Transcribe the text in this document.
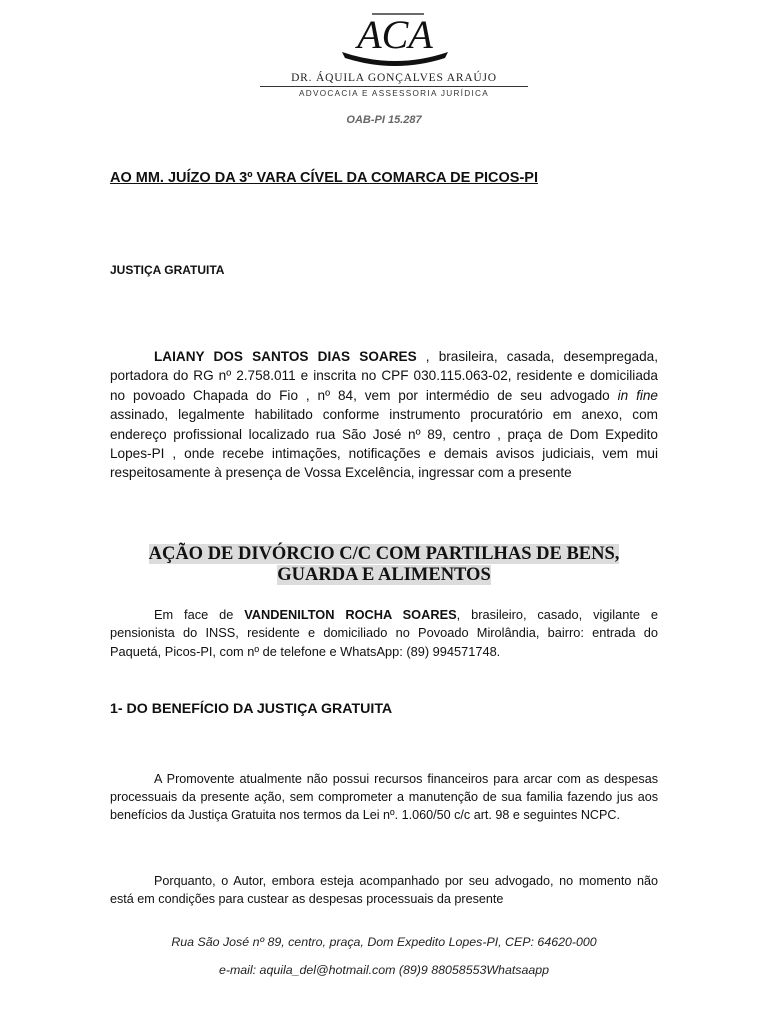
ACA
DR. ÁQUILA GONÇALVES ARAÚJO
ADVOCACIA E ASSESSORIA JURÍDICA
OAB-PI 15.287
AO MM. JUÍZO DA 3º VARA CÍVEL DA COMARCA DE PICOS-PI
JUSTIÇA GRATUITA
LAIANY DOS SANTOS DIAS SOARES , brasileira, casada, desempregada, portadora do RG nº 2.758.011 e inscrita no CPF 030.115.063-02, residente e domiciliada no povoado Chapada do Fio , nº 84, vem por intermédio de seu advogado in fine assinado, legalmente habilitado conforme instrumento procuratório em anexo, com endereço profissional localizado rua São José nº 89, centro , praça de Dom Expedito Lopes-PI , onde recebe intimações, notificações e demais avisos judiciais, vem mui respeitosamente à presença de Vossa Excelência, ingressar com a presente
AÇÃO DE DIVÓRCIO C/C COM PARTILHAS DE BENS,
GUARDA E ALIMENTOS
Em face de VANDENILTON ROCHA SOARES, brasileiro, casado, vigilante e pensionista do INSS, residente e domiciliado no Povoado Mirolândia, bairro: entrada do Paquetá, Picos-PI, com nº de telefone e WhatsApp: (89) 994571748.
1- DO BENEFÍCIO DA JUSTIÇA GRATUITA
A Promovente atualmente não possui recursos financeiros para arcar com as despesas processuais da presente ação, sem comprometer a manutenção de sua familia fazendo jus aos benefícios da Justiça Gratuita nos termos da Lei nº. 1.060/50 c/c art. 98 e seguintes NCPC.
Porquanto, o Autor, embora esteja acompanhado por seu advogado, no momento não está em condições para custear as despesas processuais da presente
Rua São José nº 89, centro, praça, Dom Expedito Lopes-PI, CEP: 64620-000
e-mail: aquila_del@hotmail.com (89)9 88058553Whatsaapp
